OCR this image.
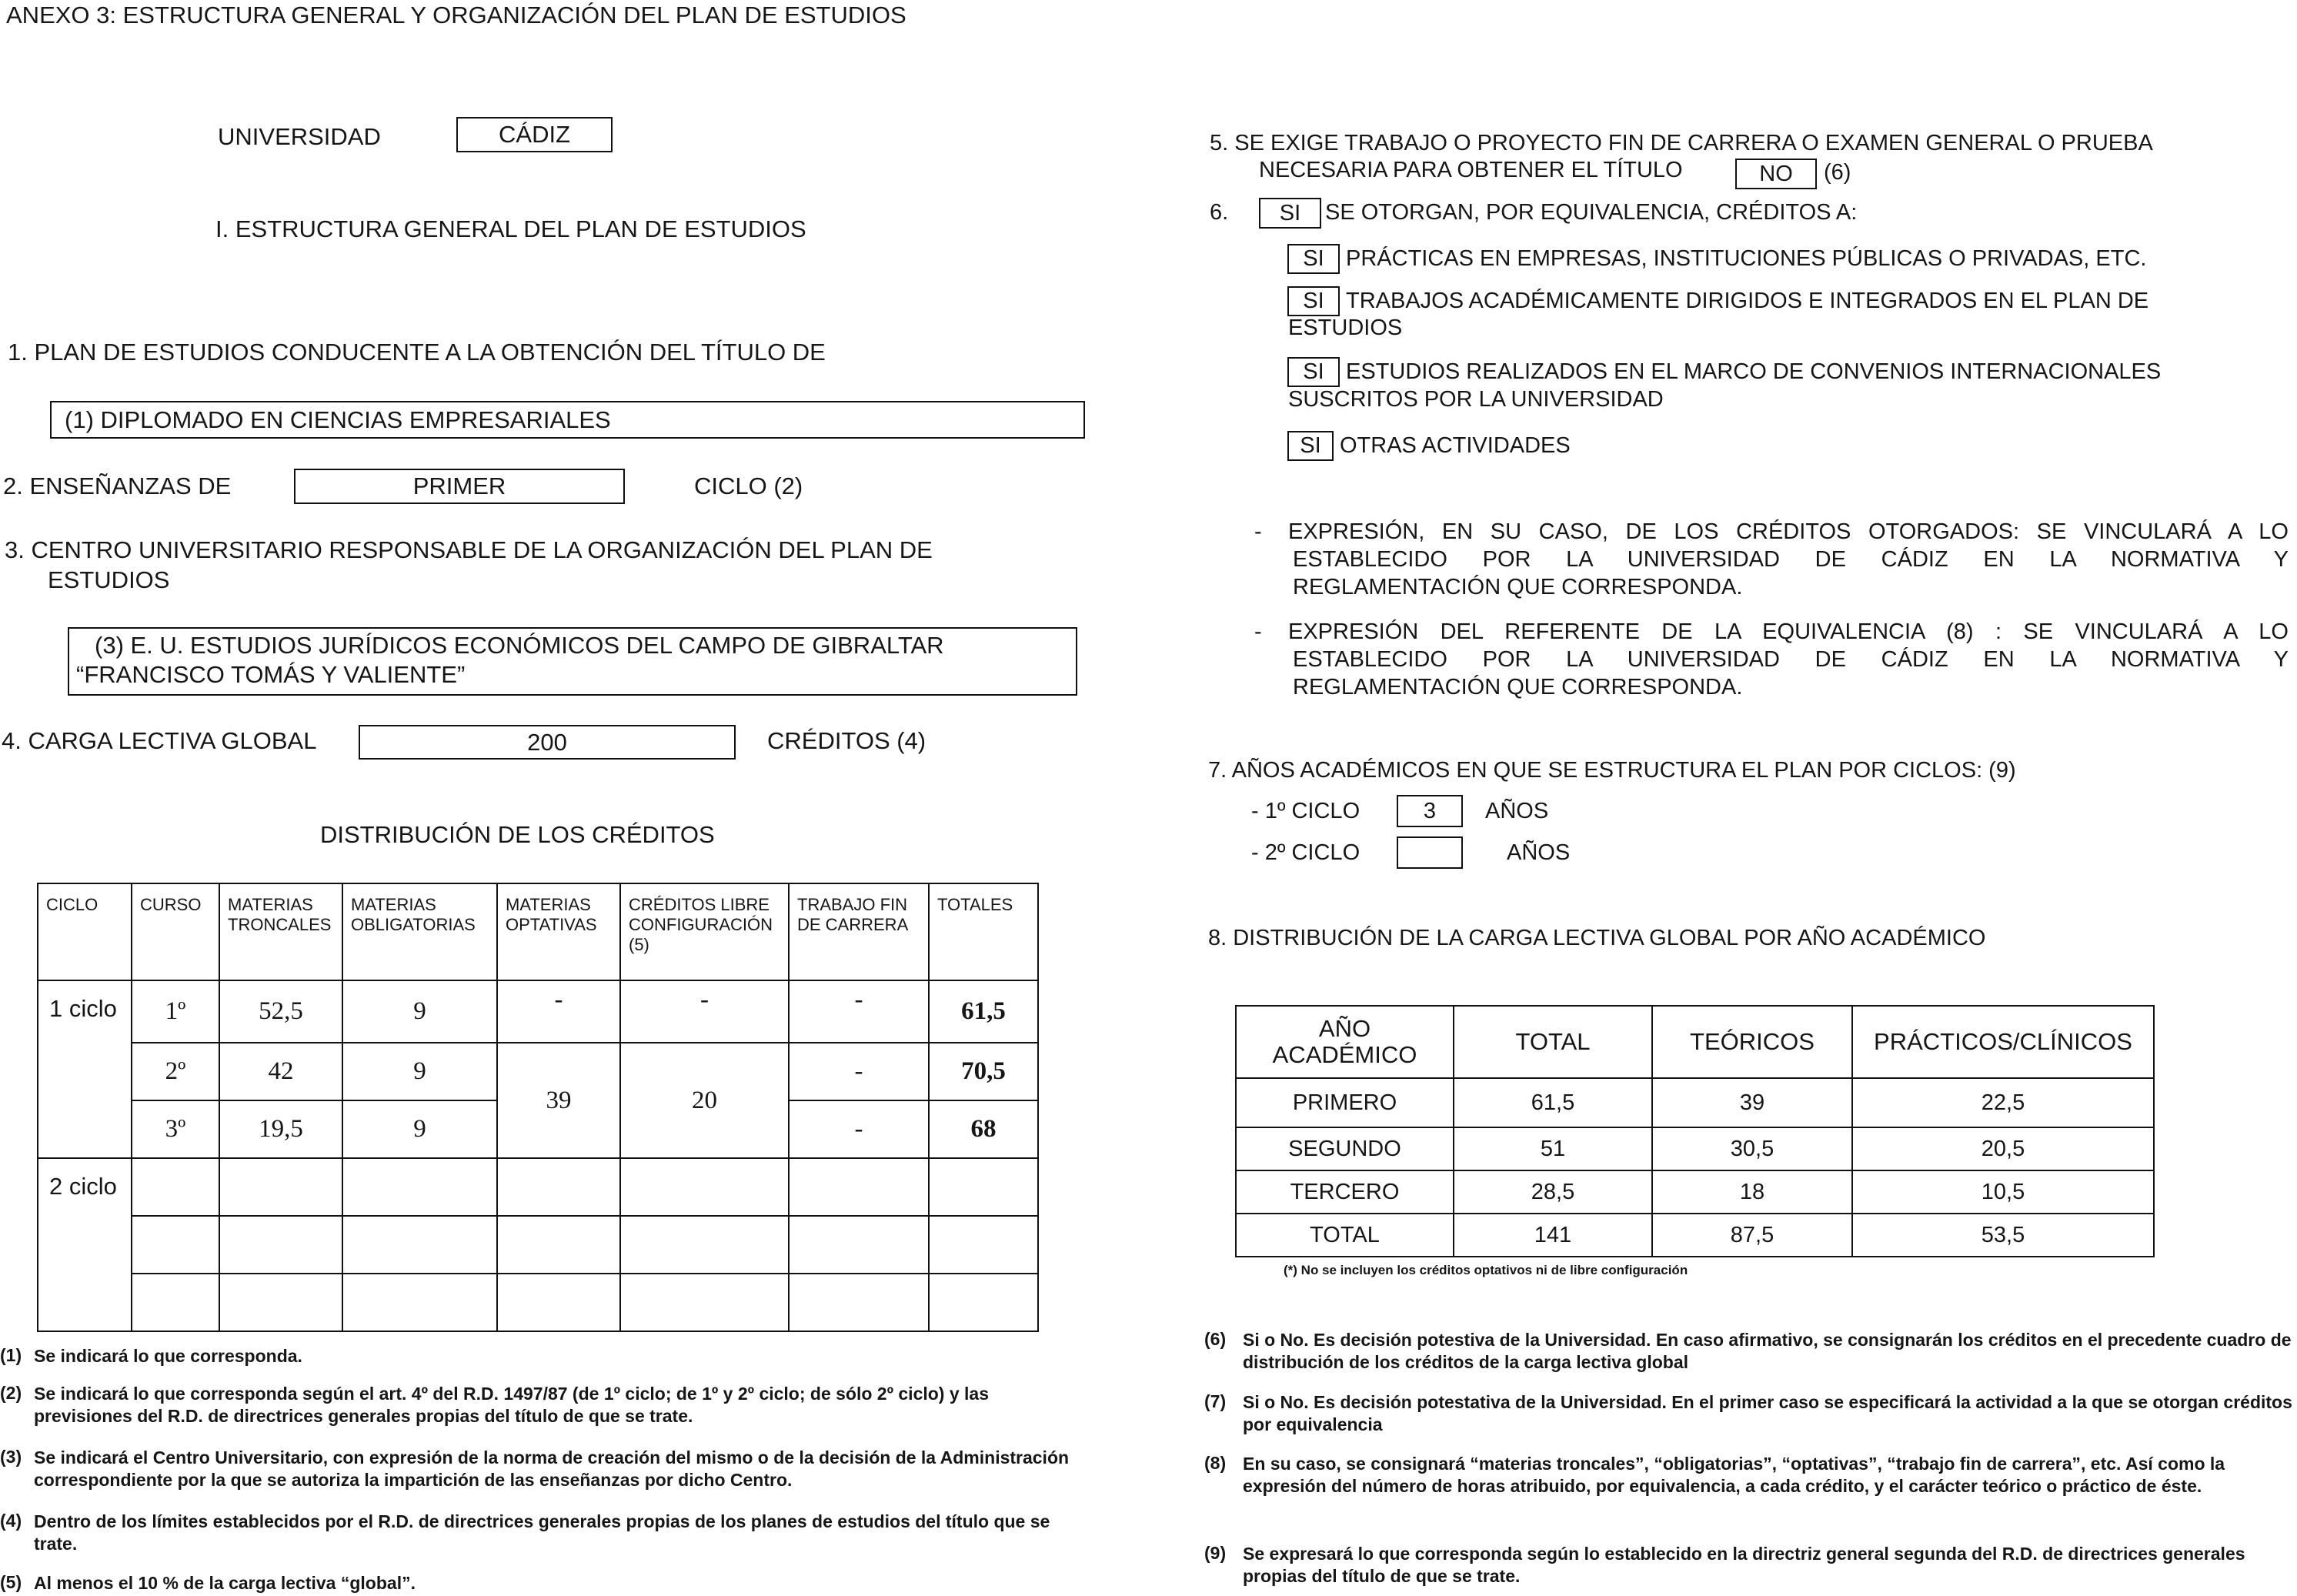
ANEXO 3: ESTRUCTURA GENERAL Y ORGANIZACIÓN DEL PLAN DE ESTUDIOS
UNIVERSIDAD	CÁDIZ
I. ESTRUCTURA GENERAL DEL PLAN DE ESTUDIOS
1. PLAN DE ESTUDIOS CONDUCENTE A LA OBTENCIÓN DEL TÍTULO DE
(1) DIPLOMADO EN CIENCIAS EMPRESARIALES
2. ENSEÑANZAS DE	PRIMER	CICLO (2)
3. CENTRO UNIVERSITARIO RESPONSABLE DE LA ORGANIZACIÓN DEL PLAN DE
ESTUDIOS
(3) E. U. ESTUDIOS JURÍDICOS ECONÓMICOS DEL CAMPO DE GIBRALTAR
“FRANCISCO TOMÁS Y VALIENTE”
4. CARGA LECTIVA GLOBAL	200	CRÉDITOS (4)
DISTRIBUCIÓN DE LOS CRÉDITOS
CICLO	CURSO	MATERIAS TRONCALES	MATERIAS OBLIGATORIAS	MATERIAS OPTATIVAS	CRÉDITOS LIBRE CONFIGURACIÓN (5)	TRABAJO FIN DE CARRERA	TOTALES
1 ciclo	1º	52,5	9	-	-	-	61,5
	2º	42	9	39	20	-	70,5
	3º	19,5	9			-	68
2 ciclo							

(1) Se indicará lo que corresponda.
(2) Se indicará lo que corresponda según el art. 4º del R.D. 1497/87 (de 1º ciclo; de 1º y 2º ciclo; de sólo 2º ciclo) y las previsiones del R.D. de directrices generales propias del título de que se trate.
(3) Se indicará el Centro Universitario, con expresión de la norma de creación del mismo o de la decisión de la Administración correspondiente por la que se autoriza la impartición de las enseñanzas por dicho Centro.
(4) Dentro de los límites establecidos por el R.D. de directrices generales propias de los planes de estudios del título que se trate.
(5) Al menos el 10 % de la carga lectiva “global”.
5. SE EXIGE TRABAJO O PROYECTO FIN DE CARRERA O EXAMEN GENERAL O PRUEBA
NECESARIA PARA OBTENER EL TÍTULO	NO	(6)
6.	SI	SE OTORGAN, POR EQUIVALENCIA, CRÉDITOS A:
SI PRÁCTICAS EN EMPRESAS, INSTITUCIONES PÚBLICAS O PRIVADAS, ETC.
SI TRABAJOS ACADÉMICAMENTE DIRIGIDOS E INTEGRADOS EN EL PLAN DE
ESTUDIOS
SI ESTUDIOS REALIZADOS EN EL MARCO DE CONVENIOS INTERNACIONALES
SUSCRITOS POR LA UNIVERSIDAD
SI OTRAS ACTIVIDADES
- EXPRESIÓN, EN SU CASO, DE LOS CRÉDITOS OTORGADOS: SE VINCULARÁ A LO
ESTABLECIDO POR LA UNIVERSIDAD DE CÁDIZ EN LA NORMATIVA Y
REGLAMENTACIÓN QUE CORRESPONDA.
- EXPRESIÓN DEL REFERENTE DE LA EQUIVALENCIA (8) : SE VINCULARÁ A LO
ESTABLECIDO POR LA UNIVERSIDAD DE CÁDIZ EN LA NORMATIVA Y
REGLAMENTACIÓN QUE CORRESPONDA.
7. AÑOS ACADÉMICOS EN QUE SE ESTRUCTURA EL PLAN POR CICLOS: (9)
- 1º CICLO	3	AÑOS
- 2º CICLO	AÑOS
8. DISTRIBUCIÓN DE LA CARGA LECTIVA GLOBAL POR AÑO ACADÉMICO
AÑO ACADÉMICO	TOTAL	TEÓRICOS	PRÁCTICOS/CLÍNICOS
PRIMERO	61,5	39	22,5
SEGUNDO	51	30,5	20,5
TERCERO	28,5	18	10,5
TOTAL	141	87,5	53,5
(*) No se incluyen los créditos optativos ni de libre configuración
(6) Si o No. Es decisión potestiva de la Universidad. En caso afirmativo, se consignarán los créditos en el precedente cuadro de distribución de los créditos de la carga lectiva global
(7) Si o No. Es decisión potestativa de la Universidad. En el primer caso se especificará la actividad a la que se otorgan créditos por equivalencia
(8) En su caso, se consignará “materias troncales”, “obligatorias”, “optativas”, “trabajo fin de carrera”, etc. Así como la expresión del número de horas atribuido, por equivalencia, a cada crédito, y el carácter teórico o práctico de éste.
(9) Se expresará lo que corresponda según lo establecido en la directriz general segunda del R.D. de directrices generales propias del título de que se trate.
